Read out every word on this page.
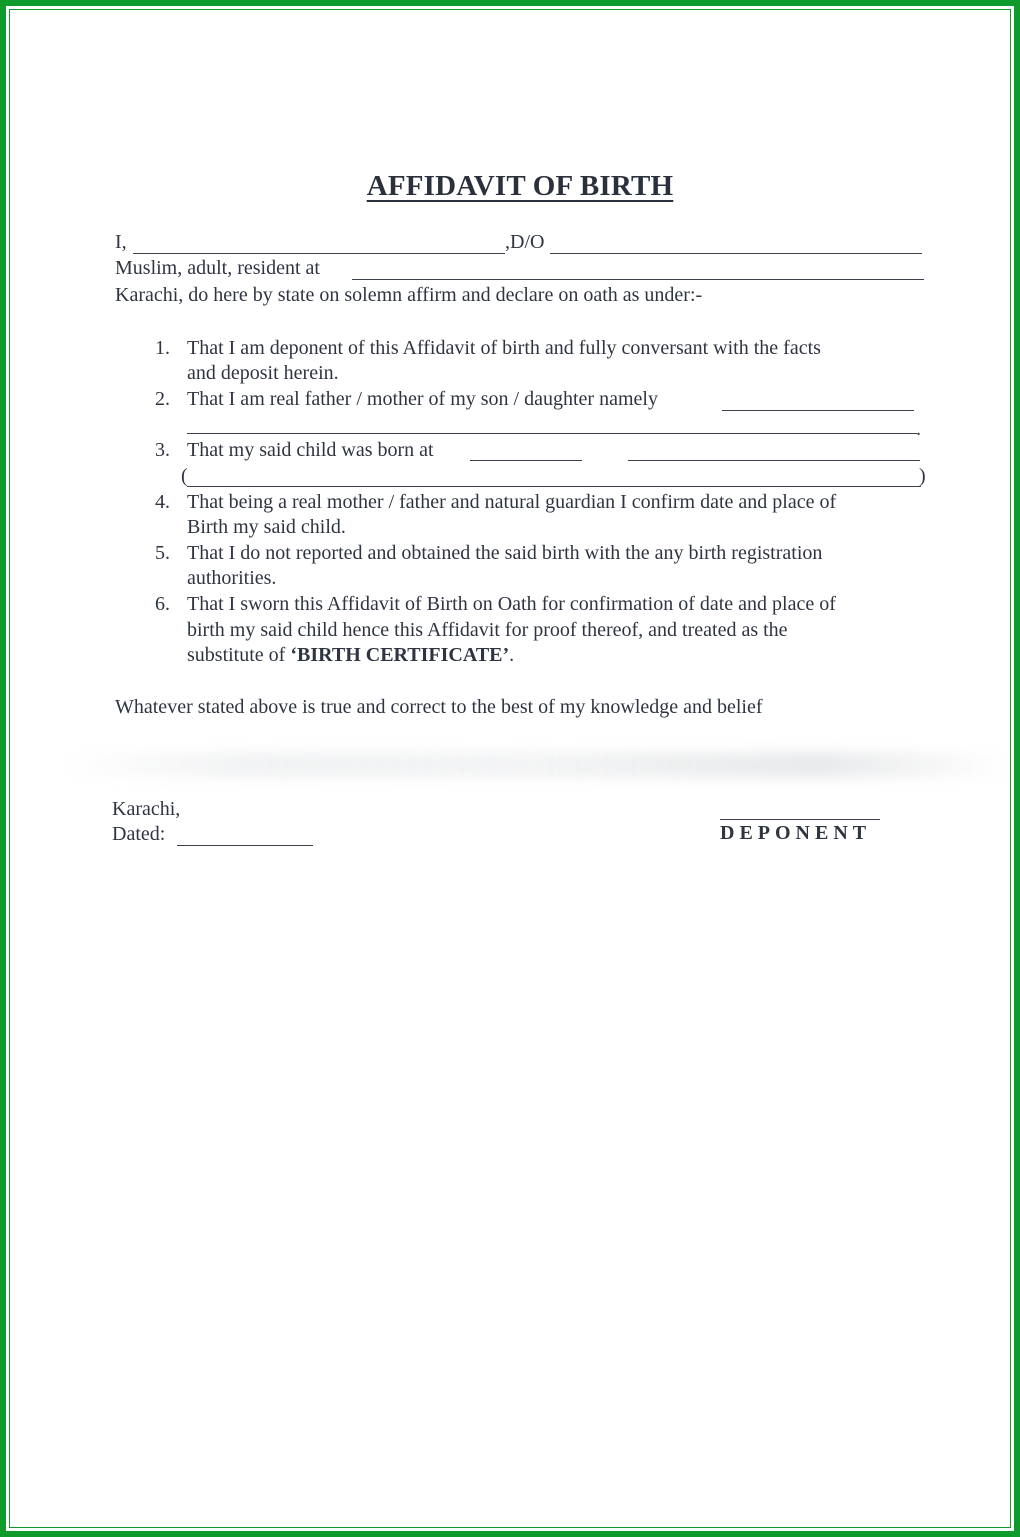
AFFIDAVIT OF BIRTH
I,	,D/O
Muslim, adult, resident at
Karachi, do here by state on solemn affirm and declare on oath as under:-
1. That I am deponent of this Affidavit of birth and fully conversant with the facts
and deposit herein.
2. That I am real father / mother of my son / daughter namely
.
3. That my said child was born at
(	)
4. That being a real mother / father and natural guardian I confirm date and place of
Birth my said child.
5. That I do not reported and obtained the said birth with the any birth registration
authorities.
6. That I sworn this Affidavit of Birth on Oath for confirmation of date and place of
birth my said child hence this Affidavit for proof thereof, and treated as the
substitute of ‘BIRTH CERTIFICATE’.
Whatever stated above is true and correct to the best of my knowledge and belief
Karachi,
Dated:	DEPONENT
